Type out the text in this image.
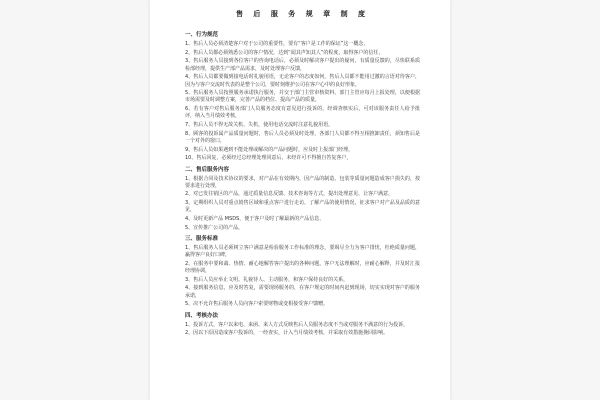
售 后 服 务 规 章 制 度
一、行为规范

1、售后人员必须清楚客户对于公司的重要性，要有“客户是工作的保证”这一概念，

2、售后人员都必须熟悉公司的客户情况，达到“闻其声知其人”的程度，取得客户的信任，

3、售后服务人员接到各位客户的咨询电话后，必须及时解决客户提出的疑问，有质量反馈的，尽快联系质检部经理，提供生产部产品需求，及时处理客户反馈，

4、售后人员都要做到接电话时礼貌用语，无论客户的态度如何，售后人员都不能用过激的言语对待客户，因为与客户交流时代表的是整个公司，要时刻维护公司在客户心中的良好形象，

5、售后服务人员按照服务承诺执行服务，并交于部门主管审核资料，部门主管应每月上报处理，以便根据市场需要及时调整方案，完善产品的档位、提高产品的质量，

6、若有客户对售后服务部门人员服务态度有意见进行投诉的，经调查核实后，可对该服务责任人给予批评，纳入当月绩效考核，

7、售后人员不得无故关机、失机，使用电话交流时注意礼貌用语，

8、顾客的投诉属产品质量问题时，售后人员必须及时处理，各部门人员都不得互相推卸责任，须知售后是一个对外的窗口，

9、售后人员如果遇到不能处理或解决的产品问题时，应及时上报部门经理，

10、售后回复，必须经过总经理处理同意后，未经许可不得擅自答复客户，

二、售后服务内容

1、根据合同及技术协议的要求，对产品在有效期内，因产品的制造、包装等质量问题造成客户损失的，按要求进行处理，

2、对已发往销区的产品，通过质量信息反馈、技术咨询等方式，提出处理意见，让客户满意，

3、定期组织人员对重点销售区域和重点客户进行走访，了解产品的使用情况，征求客户对产品及品质的意见，

4、及时更新产品 MSDS，便于客户及时了解最新的产品信息，

5、宣传推广公司的产品，

三、服务标准

1、售后服务人员必须树立客户满意是检验服务工作标准的理念，要竭尽全力为客户排忧，杜绝质量问题，赢得客户良好口碑，

2、在服务中要和蔼、热情、耐心地解答客户提出的各种问题，客户无法理解时，应耐心解释，并及时汇报经理协调，

3、售后人员应举止文明、礼貌待人、主动服务，和客户保持良好的关系，

4、接到服务信息，应及时答复，需要现场服务的，在客户规定的时间内赶到现场，切实实现对客户的服务承诺，

5、决不允许售后服务人员向客户索要财物或变相接受客户馈赠，

四、考核办法

1、投诉方式，客户以来电、来函、来人方式反映售后人员服务态度不当或对服务不满意的行为投诉，

2、因以下原因造成客户投诉的，一经查实，计入当月绩效考核，并采取有效措施挽回影响。
